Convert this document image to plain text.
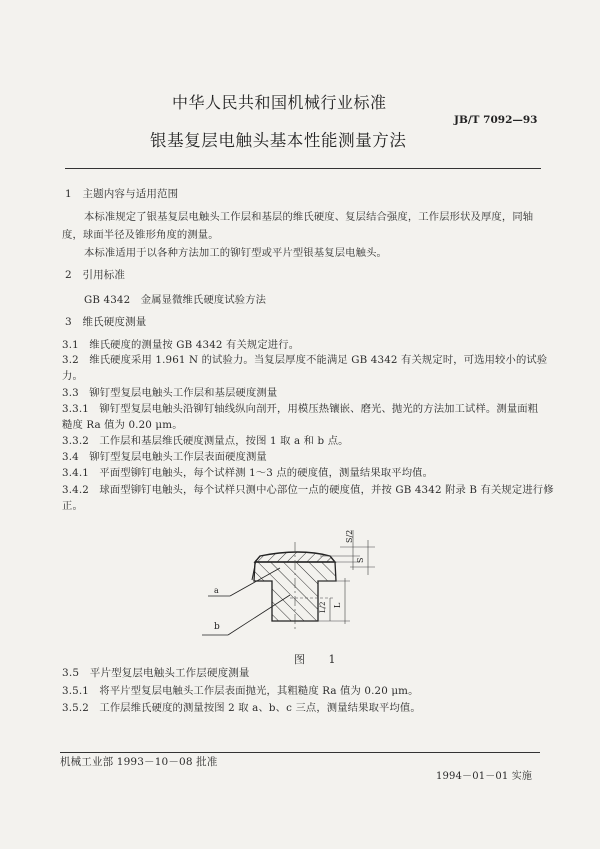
中华人民共和国机械行业标准
JB/T 7092—93
银基复层电触头基本性能测量方法
1　主题内容与适用范围
本标准规定了银基复层电触头工作层和基层的维氏硬度、复层结合强度，工作层形状及厚度，同轴
度，球面半径及锥形角度的测量。
本标准适用于以各种方法加工的铆钉型或平片型银基复层电触头。
2　引用标准
GB 4342　金属显微维氏硬度试验方法
3　维氏硬度测量
3.1　维氏硬度的测量按 GB 4342 有关规定进行。
3.2　维氏硬度采用 1.961 N 的试验力。当复层厚度不能满足 GB 4342 有关规定时，可选用较小的试验
力。
3.3　铆钉型复层电触头工作层和基层硬度测量
3.3.1　铆钉型复层电触头沿铆钉轴线纵向剖开，用模压热镶嵌、磨光、抛光的方法加工试样。测量面粗
糙度 Ra 值为 0.20 μm。
3.3.2　工作层和基层维氏硬度测量点，按图 1 取 a 和 b 点。
3.4　铆钉型复层电触头工作层表面硬度测量
3.4.1　平面型铆钉电触头，每个试样测 1～3 点的硬度值，测量结果取平均值。
3.4.2　球面型铆钉电触头，每个试样只测中心部位一点的硬度值，并按 GB 4342 附录 B 有关规定进行修
正。
S/2
S
L
L/2
a
b
图 1
3.5　平片型复层电触头工作层硬度测量
3.5.1　将平片型复层电触头工作层表面抛光，其粗糙度 Ra 值为 0.20 μm。
3.5.2　工作层维氏硬度的测量按图 2 取 a、b、c 三点，测量结果取平均值。
机械工业部 1993－10－08 批准
1994－01－01 实施
